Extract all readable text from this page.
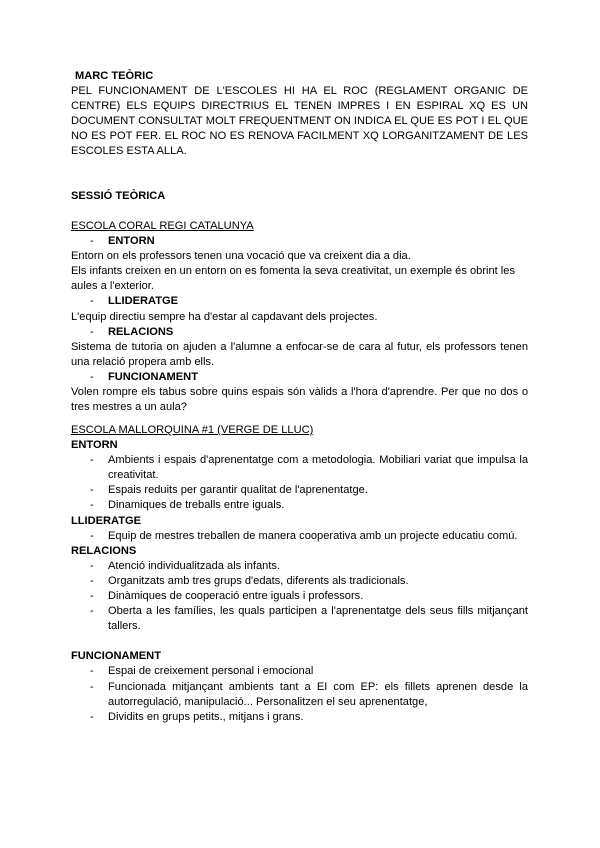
MARC TEÒRIC

PEL FUNCIONAMENT DE L'ESCOLES HI HA EL ROC (REGLAMENT ORGANIC DE CENTRE) ELS EQUIPS DIRECTRIUS EL TENEN IMPRES I EN ESPIRAL XQ ES UN DOCUMENT CONSULTAT MOLT FREQUENTMENT ON INDICA EL QUE ES POT I EL QUE NO ES POT FER. EL ROC NO ES RENOVA FACILMENT XQ LORGANITZAMENT DE LES ESCOLES ESTA ALLA.

SESSIÓ TEÒRICA

ESCOLA CORAL REGI CATALUNYA

- ENTORN

Entorn on els professors tenen una vocació que va creixent dia a dia.

Els infants creixen en un entorn on es fomenta la seva creativitat, un exemple és obrint les aules a l'exterior.

- LLIDERATGE

L'equip directiu sempre ha d'estar al capdavant dels projectes.

- RELACIONS

Sistema de tutoria on ajuden a l'alumne a enfocar-se de cara al futur, els professors tenen una relació propera amb ells.

- FUNCIONAMENT

Volen rompre els tabus sobre quins espais són vàlids a l'hora d'aprendre. Per que no dos o tres mestres a un aula?

ESCOLA MALLORQUINA #1 (VERGE DE LLUC)

ENTORN

- Ambients i espais d'aprenentatge com a metodologia. Mobiliari variat que impulsa la creativitat.

- Espais reduits per garantir qualitat de l'aprenentatge.

- Dinamiques de treballs entre iguals.

LLIDERATGE

- Equip de mestres treballen de manera cooperativa amb un projecte educatiu comú.

RELACIONS

- Atenció individualitzada als infants.

- Organitzats amb tres grups d'edats, diferents als tradicionals.

- Dinàmiques de cooperació entre iguals i professors.

- Oberta a les famílies, les quals participen a l'aprenentatge dels seus fills mitjançant tallers.

FUNCIONAMENT

- Espai de creixement personal i emocional

- Funcionada mitjançant ambients tant a EI com EP: els fillets aprenen desde la autorregulació, manipulació... Personalitzen el seu aprenentatge,

- Dividits en grups petits., mitjans i grans.
